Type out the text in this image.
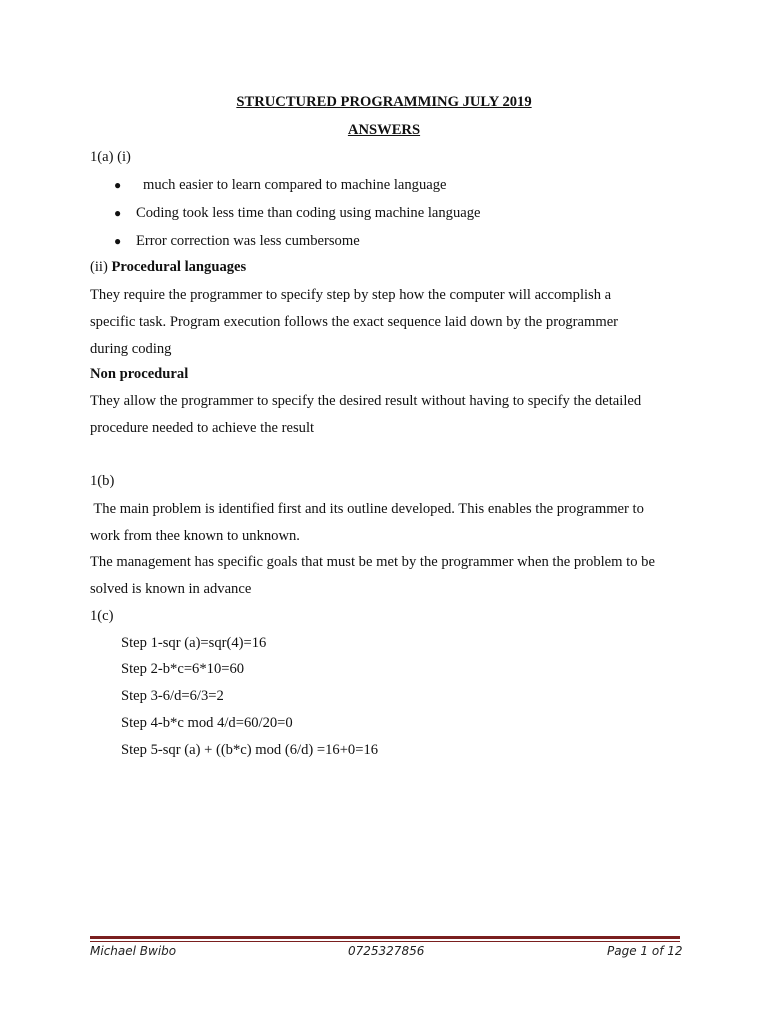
STRUCTURED PROGRAMMING JULY 2019
ANSWERS
1(a) (i)
● much easier to learn compared to machine language
● Coding took less time than coding using machine language
● Error correction was less cumbersome
(ii) Procedural languages
They require the programmer to specify step by step how the computer will accomplish a
specific task. Program execution follows the exact sequence laid down by the programmer
during coding
Non procedural
They allow the programmer to specify the desired result without having to specify the detailed
procedure needed to achieve the result
1(b)
The main problem is identified first and its outline developed. This enables the programmer to
work from thee known to unknown.
The management has specific goals that must be met by the programmer when the problem to be
solved is known in advance
1(c)
Step 1-sqr (a)=sqr(4)=16
Step 2-b*c=6*10=60
Step 3-6/d=6/3=2
Step 4-b*c mod 4/d=60/20=0
Step 5-sqr (a) + ((b*c) mod (6/d) =16+0=16
Michael Bwibo	0725327856	Page 1 of 12
